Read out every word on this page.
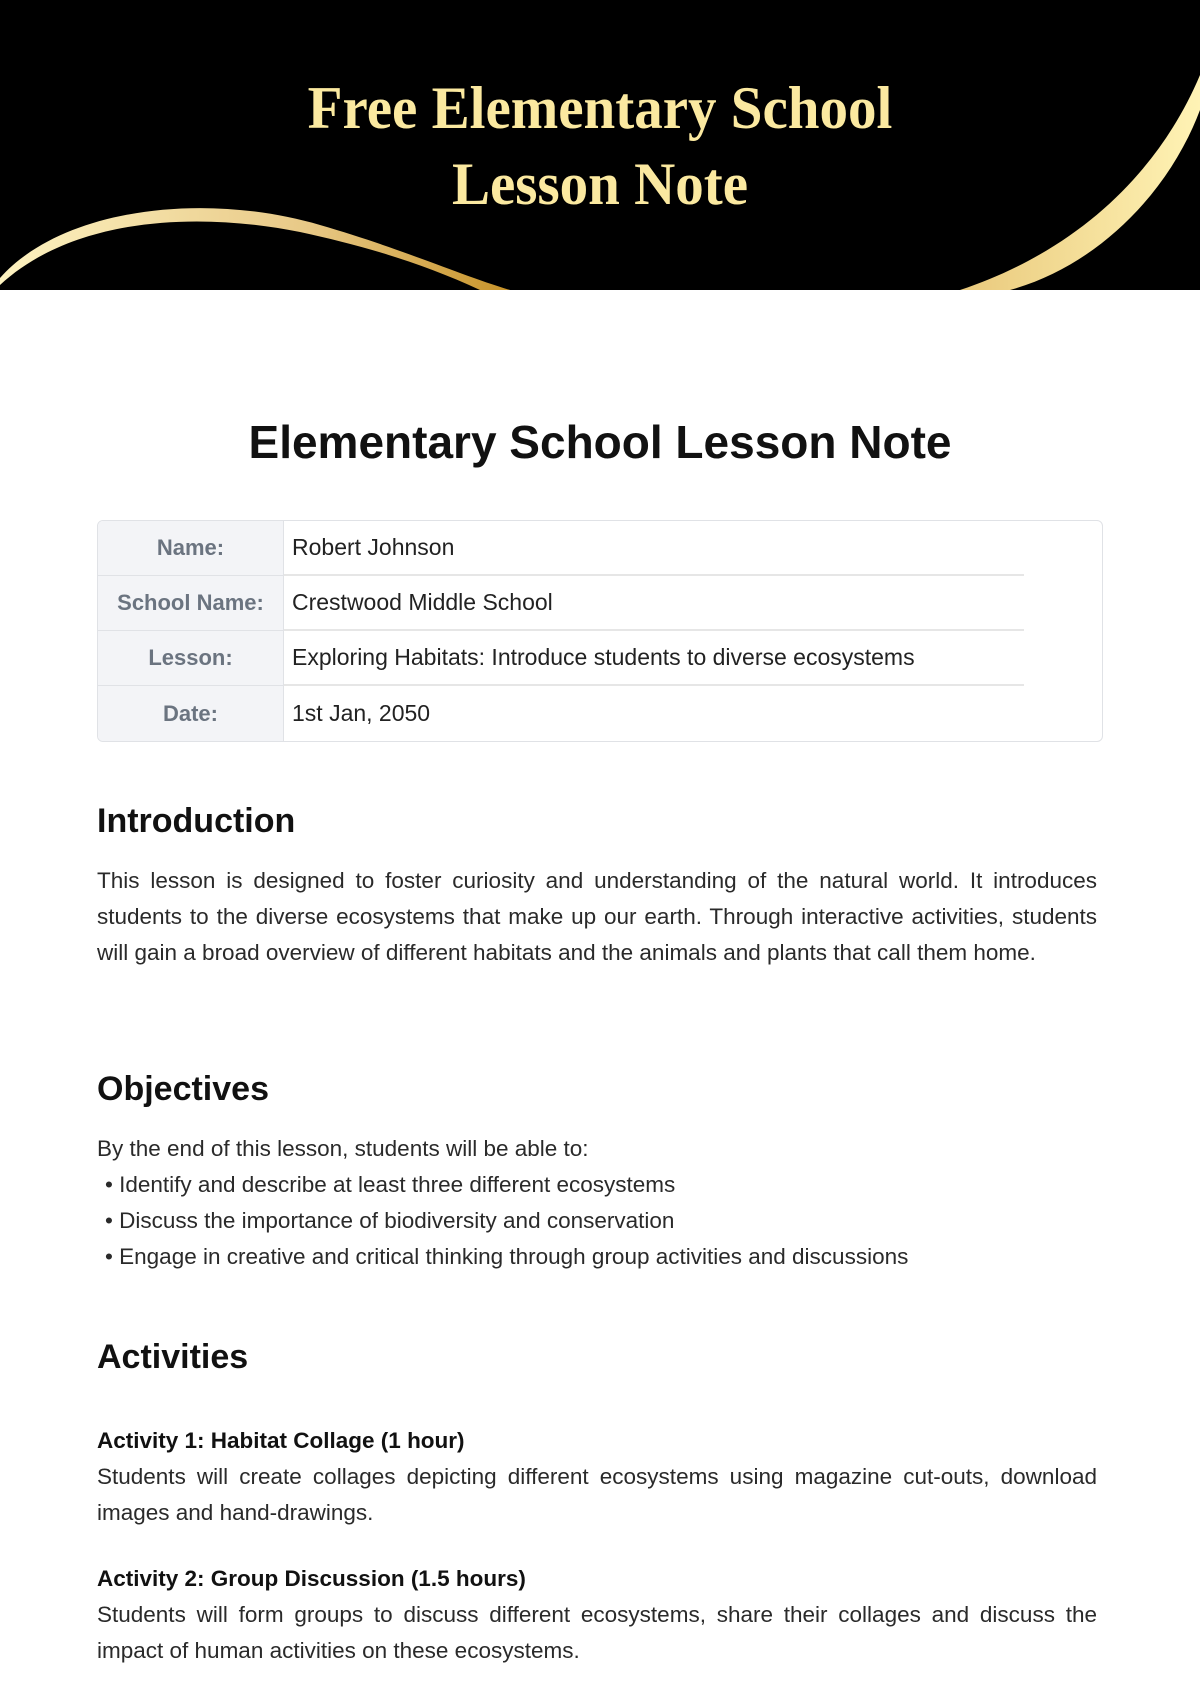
Free Elementary School
Lesson Note
Elementary School Lesson Note
Name:	Robert Johnson
School Name:	Crestwood Middle School
Lesson:	Exploring Habitats: Introduce students to diverse ecosystems
Date:	1st Jan, 2050
Introduction

This lesson is designed to foster curiosity and understanding of the natural world. It introduces students to the diverse ecosystems that make up our earth. Through interactive activities, students will gain a broad overview of different habitats and the animals and plants that call them home.

Objectives

By the end of this lesson, students will be able to:

• Identify and describe at least three different ecosystems
• Discuss the importance of biodiversity and conservation
• Engage in creative and critical thinking through group activities and discussions
Activities
Activity 1: Habitat Collage (1 hour)

Students will create collages depicting different ecosystems using magazine cut-outs, download images and hand-drawings.

Activity 2: Group Discussion (1.5 hours)

Students will form groups to discuss different ecosystems, share their collages and discuss the impact of human activities on these ecosystems.
